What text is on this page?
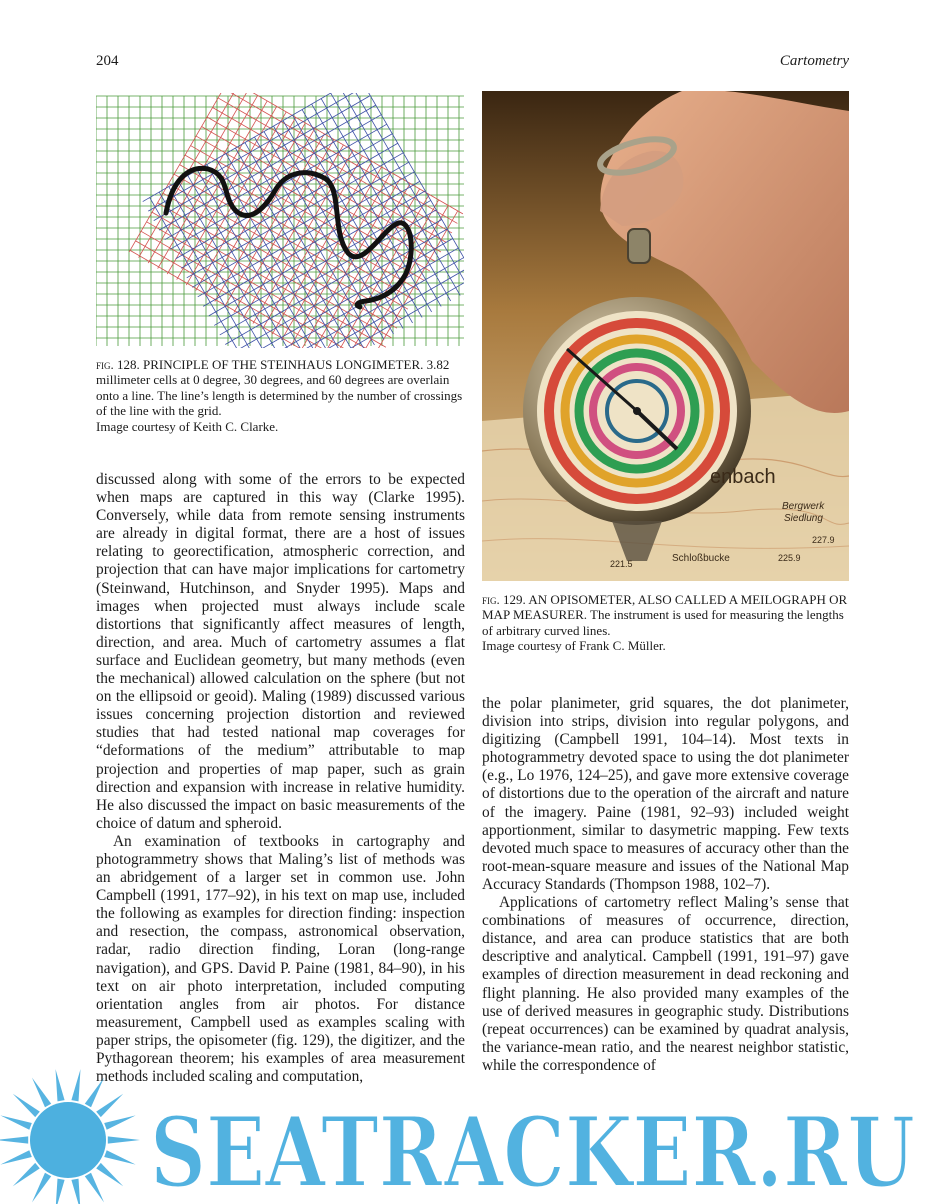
204	Cartometry
fig. 128. PRINCIPLE OF THE STEINHAUS LONGIMETER. 3.82 millimeter cells at 0 degree, 30 degrees, and 60 degrees are overlain onto a line. The line’s length is determined by the number of crossings of the line with the grid.
Image courtesy of Keith C. Clarke.
enbach
Bergwerk
Siedlung
Schloßbucke
221.5
225.9
227.9
fig. 129. AN OPISOMETER, ALSO CALLED A MEILOGRAPH OR MAP MEASURER. The instrument is used for measuring the lengths of arbitrary curved lines.
Image courtesy of Frank C. Müller.

discussed along with some of the errors to be expected when maps are captured in this way (Clarke 1995). Conversely, while data from remote sensing instruments are already in digital format, there are a host of issues relating to georectification, atmospheric correction, and projection that can have major implications for cartometry (Steinwand, Hutchinson, and Snyder 1995). Maps and images when projected must always include scale distortions that significantly affect measures of length, direction, and area. Much of cartometry assumes a flat surface and Euclidean geometry, but many methods (even the mechanical) allowed calculation on the sphere (but not on the ellipsoid or geoid). Maling (1989) discussed various issues concerning projection distortion and reviewed studies that had tested national map coverages for “deformations of the medium” attributable to map projection and properties of map paper, such as grain direction and expansion with increase in relative humidity. He also discussed the impact on basic measurements of the choice of datum and spheroid.

An examination of textbooks in cartography and photogrammetry shows that Maling’s list of methods was an abridgement of a larger set in common use. John Campbell (1991, 177–92), in his text on map use, included the following as examples for direction finding: inspection and resection, the compass, astronomical observation, radar, radio direction finding, Loran (long-range navigation), and GPS. David P. Paine (1981, 84–90), in his text on air photo interpretation, included computing orientation angles from air photos. For distance measurement, Campbell used as examples scaling with paper strips, the opisometer (fig. 129), the digitizer, and the Pythagorean theorem; his examples of area measurement methods included scaling and computation,

the polar planimeter, grid squares, the dot planimeter, division into strips, division into regular polygons, and digitizing (Campbell 1991, 104–14). Most texts in photogrammetry devoted space to using the dot planimeter (e.g., Lo 1976, 124–25), and gave more extensive coverage of distortions due to the operation of the aircraft and nature of the imagery. Paine (1981, 92–93) included weight apportionment, similar to dasymetric mapping. Few texts devoted much space to measures of accuracy other than the root-mean-square measure and issues of the National Map Accuracy Standards (Thompson 1988, 102–7).

Applications of cartometry reflect Maling’s sense that combinations of measures of occurrence, direction, distance, and area can produce statistics that are both descriptive and analytical. Campbell (1991, 191–97) gave examples of direction measurement in dead reckoning and flight planning. He also provided many examples of the use of derived measures in geographic study. Distributions (repeat occurrences) can be examined by quadrat analysis, the variance-mean ratio, and the nearest neighbor statistic, while the correspondence of

SEATRACKER.RU
